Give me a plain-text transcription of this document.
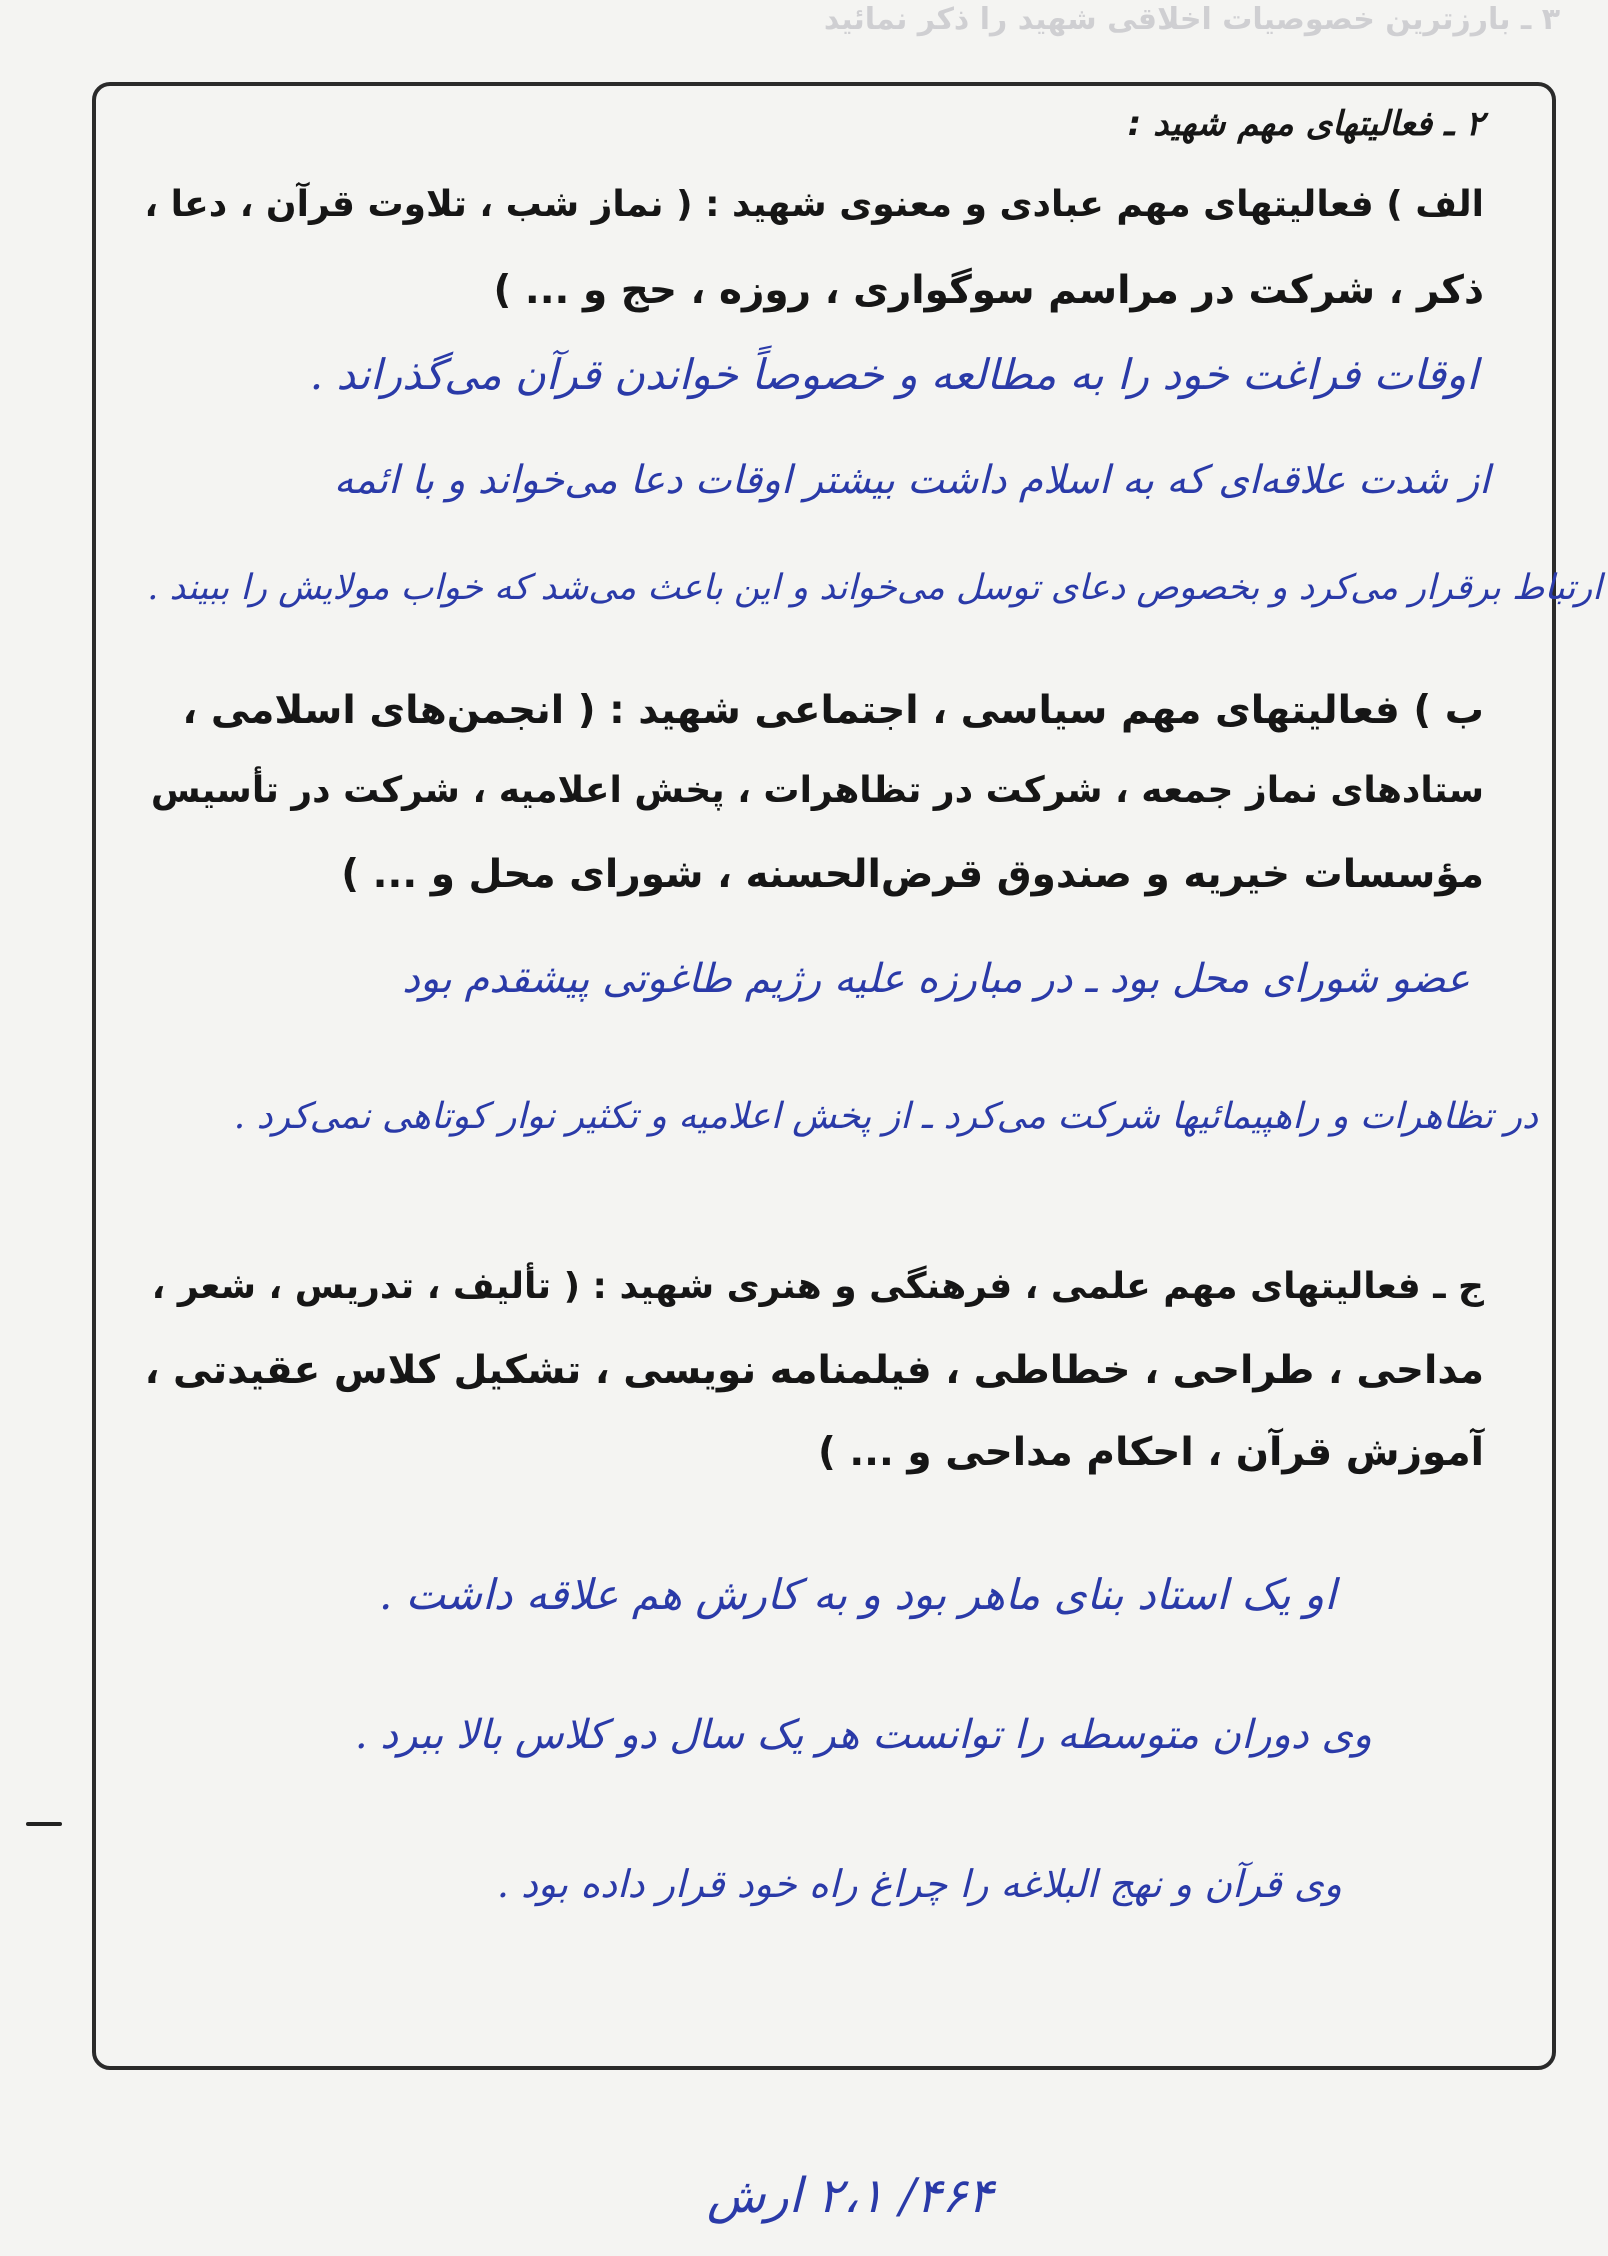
۳ ـ بارزترین خصوصیات اخلاقی شهید را ذکر نمائید
۲ ـ فعالیتهای مهم شهید :
الف ) فعالیتهای مهم عبادی و معنوی شهید : ( نماز شب ، تلاوت قرآن ، دعا ،
ذکر ، شرکت در مراسم سوگواری ، روزه ، حج و ... )
اوقات فراغت خود را به مطالعه و خصوصاً خواندن قرآن می‌گذراند .
از شدت علاقه‌ای که به اسلام داشت بیشتر اوقات دعا می‌خواند و با ائمه
ارتباط برقرار می‌کرد و بخصوص دعای توسل می‌خواند و این باعث می‌شد که خواب مولایش را ببیند .
ب ) فعالیتهای مهم سیاسی ، اجتماعی شهید : ( انجمن‌های اسلامی ،
ستادهای نماز جمعه ، شرکت در تظاهرات ، پخش اعلامیه ، شرکت در تأسیس
مؤسسات خیریه و صندوق قرض‌الحسنه ، شورای محل و ... )
عضو شورای محل بود ـ در مبارزه علیه رژیم طاغوتی پیشقدم بود
در تظاهرات و راهپیمائیها شرکت می‌کرد ـ از پخش اعلامیه و تکثیر نوار کوتاهی نمی‌کرد .
ج ـ فعالیتهای مهم علمی ، فرهنگی و هنری شهید : ( تألیف ، تدریس ، شعر ،
مداحی ، طراحی ، خطاطی ، فیلمنامه نویسی ، تشکیل کلاس عقیدتی ،
آموزش قرآن ، احکام مداحی و ... )
او یک استاد بنای ماهر بود و به کارش هم علاقه داشت .
وی دوران متوسطه را توانست هر یک سال دو کلاس بالا ببرد .
وی قرآن و نهج البلاغه را چراغ راه خود قرار داده بود .
۴۶۴/ ۲،۱ ارش
